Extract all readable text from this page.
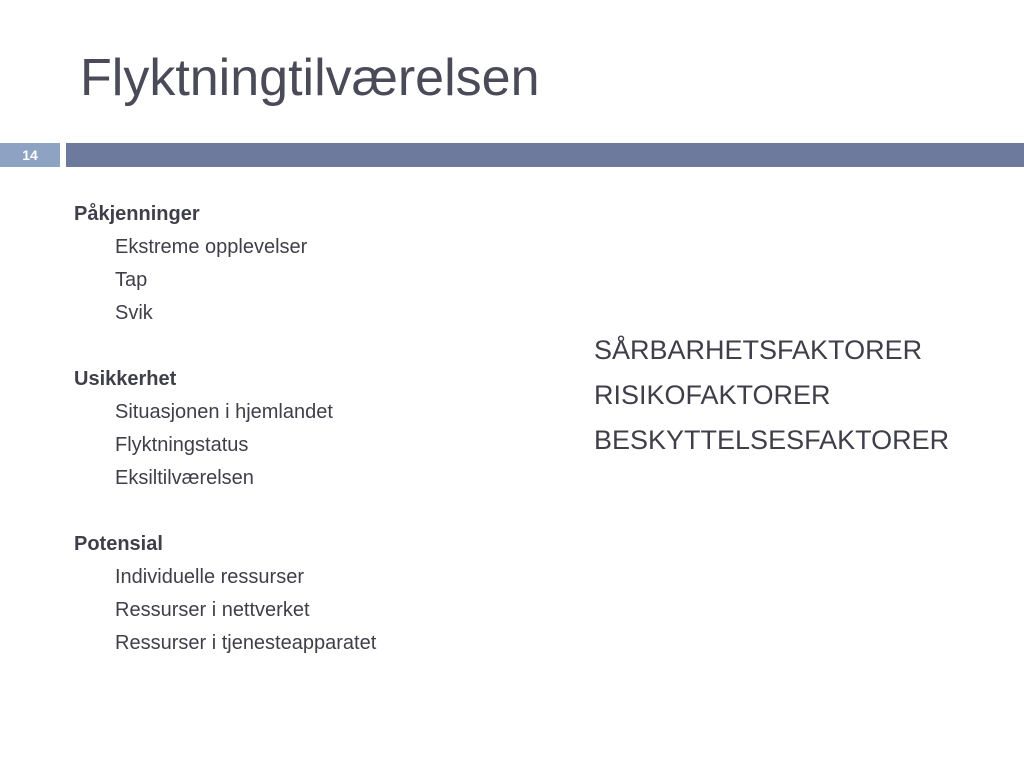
Flyktningtilværelsen
14
Påkjenninger
Ekstreme opplevelser
Tap
Svik
Usikkerhet
Situasjonen i hjemlandet
Flyktningstatus
Eksiltilværelsen
Potensial
Individuelle ressurser
Ressurser i nettverket
Ressurser i tjenesteapparatet
SÅRBARHETSFAKTORER
RISIKOFAKTORER
BESKYTTELSESFAKTORER
